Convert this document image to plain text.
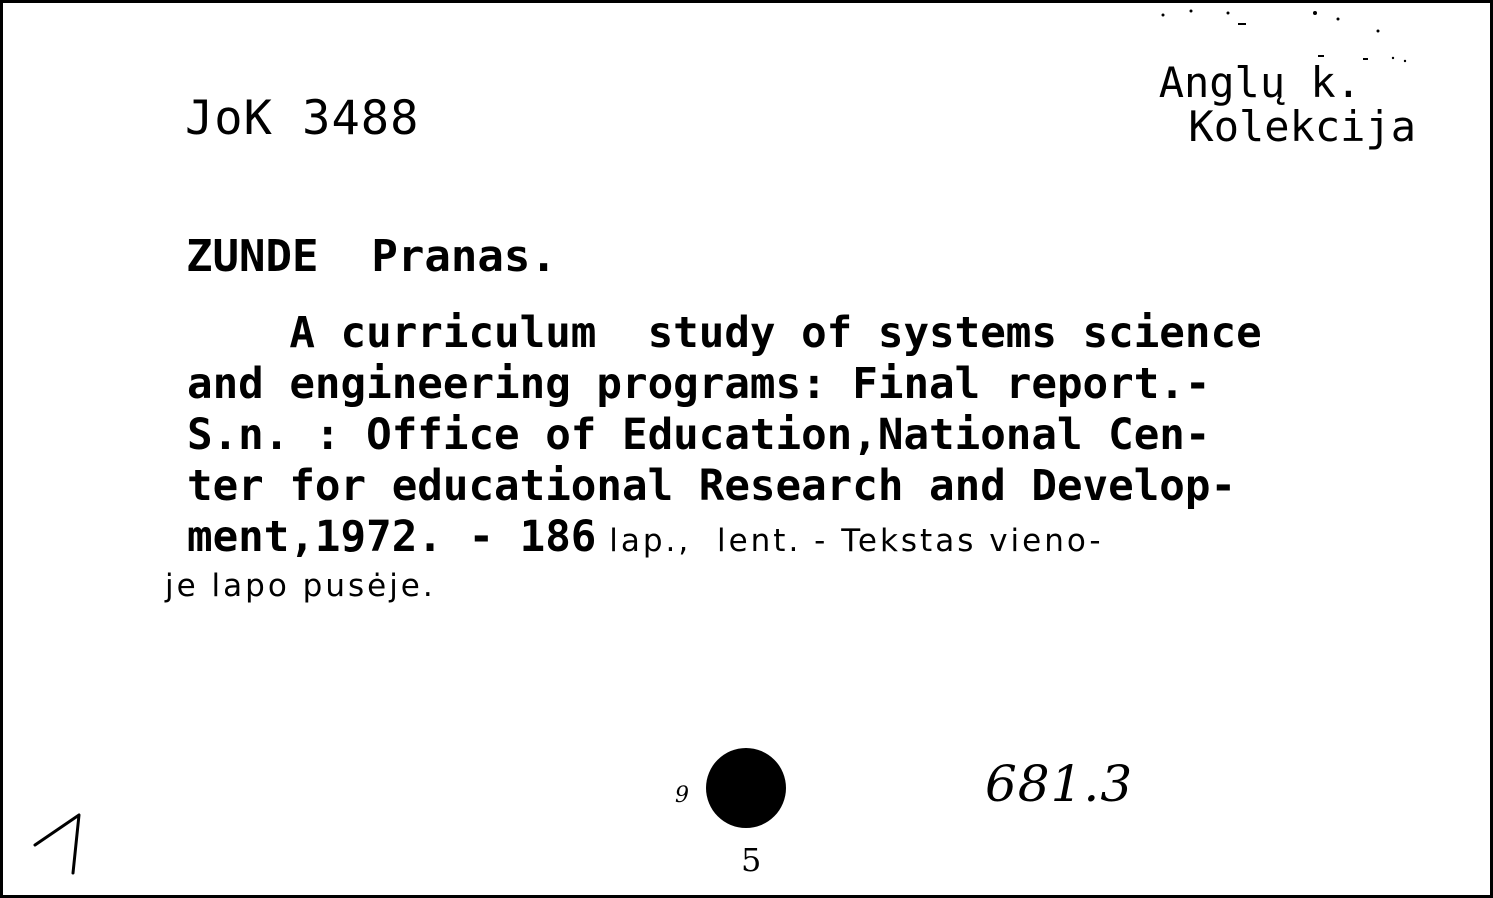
JoK 3488
Anglų k.
Kolekcija
ZUNDE  Pranas.
A curriculum  study of systems science
and engineering programs: Final report.-
S.n. : Office of Education,National Cen-
ter for educational Research and Develop-
ment,1972. - 186 lap.,  lent. - Tekstas vieno-
je lapo pusėje.
681.3
5
9
